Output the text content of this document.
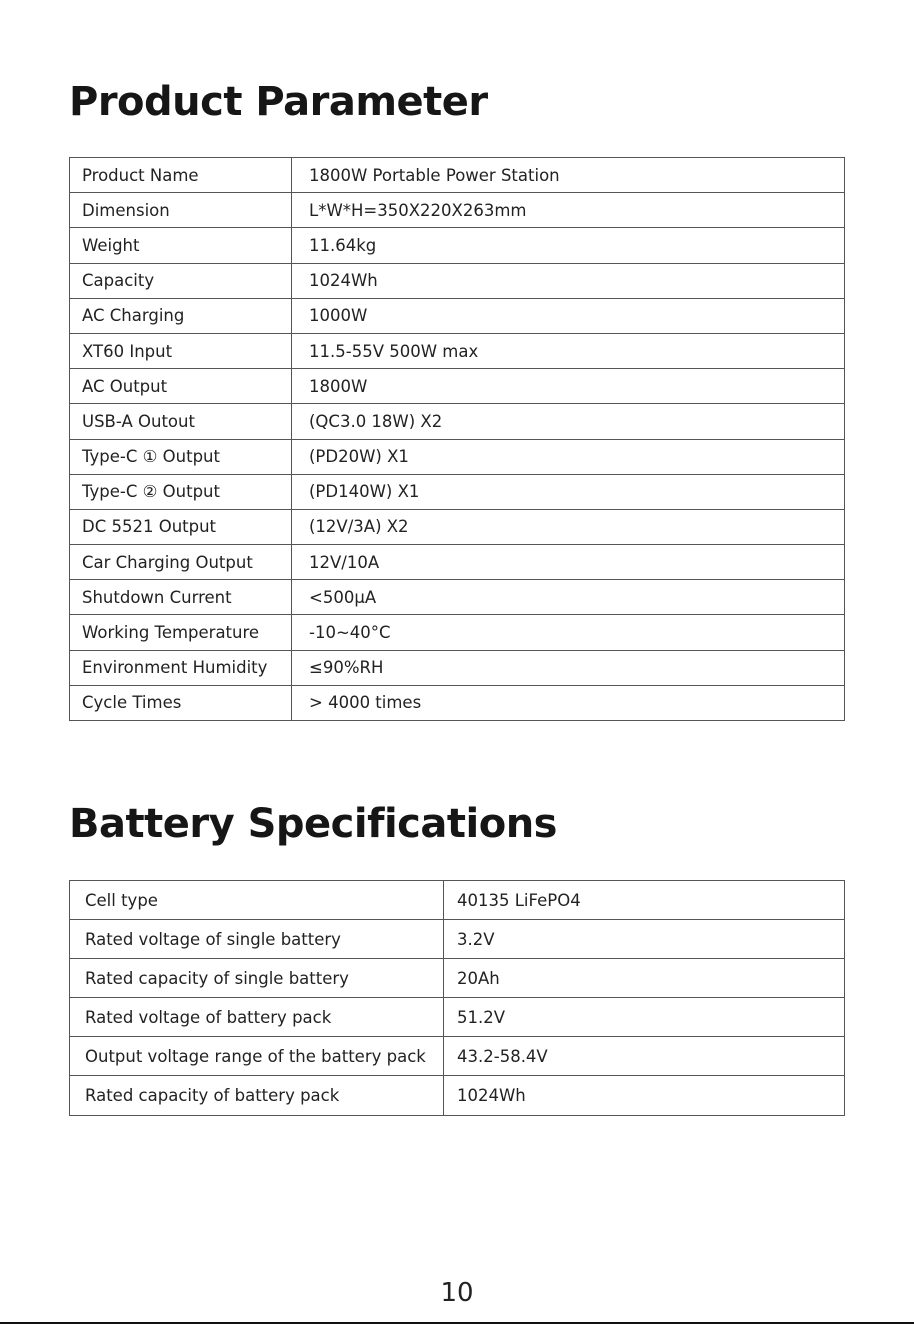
Product Parameter
Product Name	1800W Portable Power Station
Dimension	L*W*H=350X220X263mm
Weight	11.64kg
Capacity	1024Wh
AC Charging	1000W
XT60 Input	11.5-55V 500W max
AC Output	1800W
USB-A Outout	(QC3.0 18W) X2
Type-C ① Output	(PD20W) X1
Type-C ② Output	(PD140W) X1
DC 5521 Output	(12V/3A) X2
Car Charging Output	12V/10A
Shutdown Current	<500μA
Working Temperature	-10~40°C
Environment Humidity	≤90%RH
Cycle Times	> 4000 times
Battery Specifications
Cell type	40135 LiFePO4
Rated voltage of single battery	3.2V
Rated capacity of single battery	20Ah
Rated voltage of battery pack	51.2V
Output voltage range of the battery pack	43.2-58.4V
Rated capacity of battery pack	1024Wh
10
